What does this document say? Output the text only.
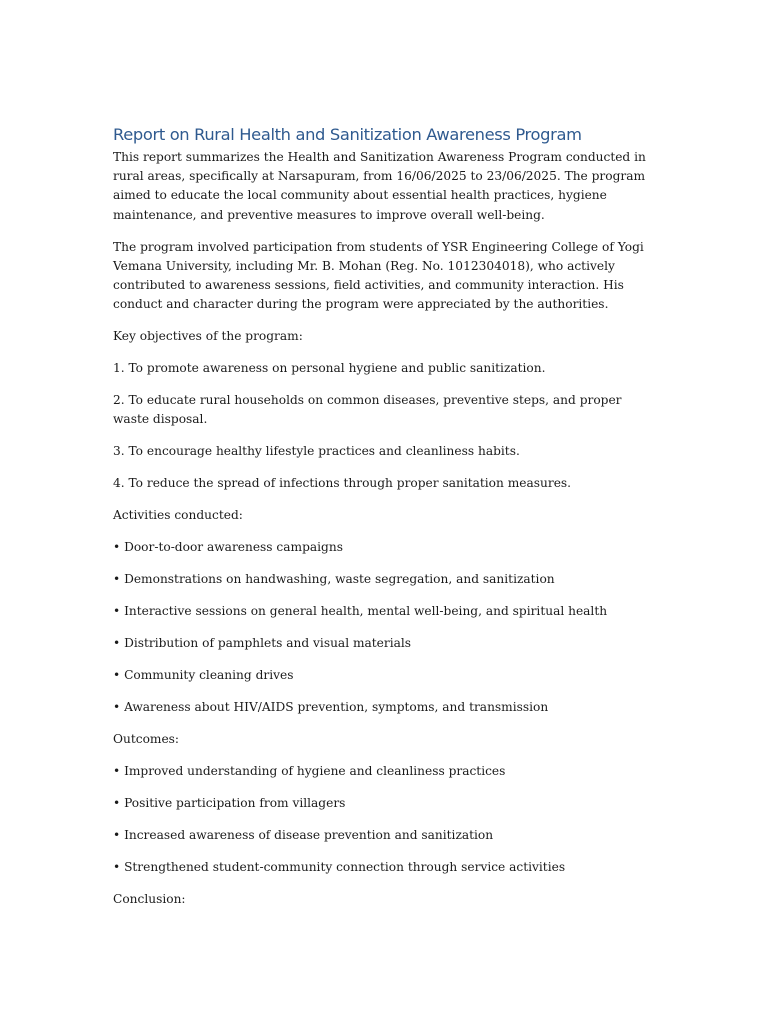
Report on Rural Health and Sanitization Awareness Program

This report summarizes the Health and Sanitization Awareness Program conducted in rural areas, specifically at Narsapuram, from 16/06/2025 to 23/06/2025. The program aimed to educate the local community about essential health practices, hygiene maintenance, and preventive measures to improve overall well-being.

The program involved participation from students of YSR Engineering College of Yogi Vemana University, including Mr. B. Mohan (Reg. No. 1012304018), who actively contributed to awareness sessions, field activities, and community interaction. His conduct and character during the program were appreciated by the authorities.

Key objectives of the program:

1. To promote awareness on personal hygiene and public sanitization.

2. To educate rural households on common diseases, preventive steps, and proper waste disposal.

3. To encourage healthy lifestyle practices and cleanliness habits.

4. To reduce the spread of infections through proper sanitation measures.

Activities conducted:

• Door-to-door awareness campaigns

• Demonstrations on handwashing, waste segregation, and sanitization

• Interactive sessions on general health, mental well-being, and spiritual health

• Distribution of pamphlets and visual materials

• Community cleaning drives

• Awareness about HIV/AIDS prevention, symptoms, and transmission

Outcomes:

• Improved understanding of hygiene and cleanliness practices

• Positive participation from villagers

• Increased awareness of disease prevention and sanitization

• Strengthened student-community connection through service activities

Conclusion:
